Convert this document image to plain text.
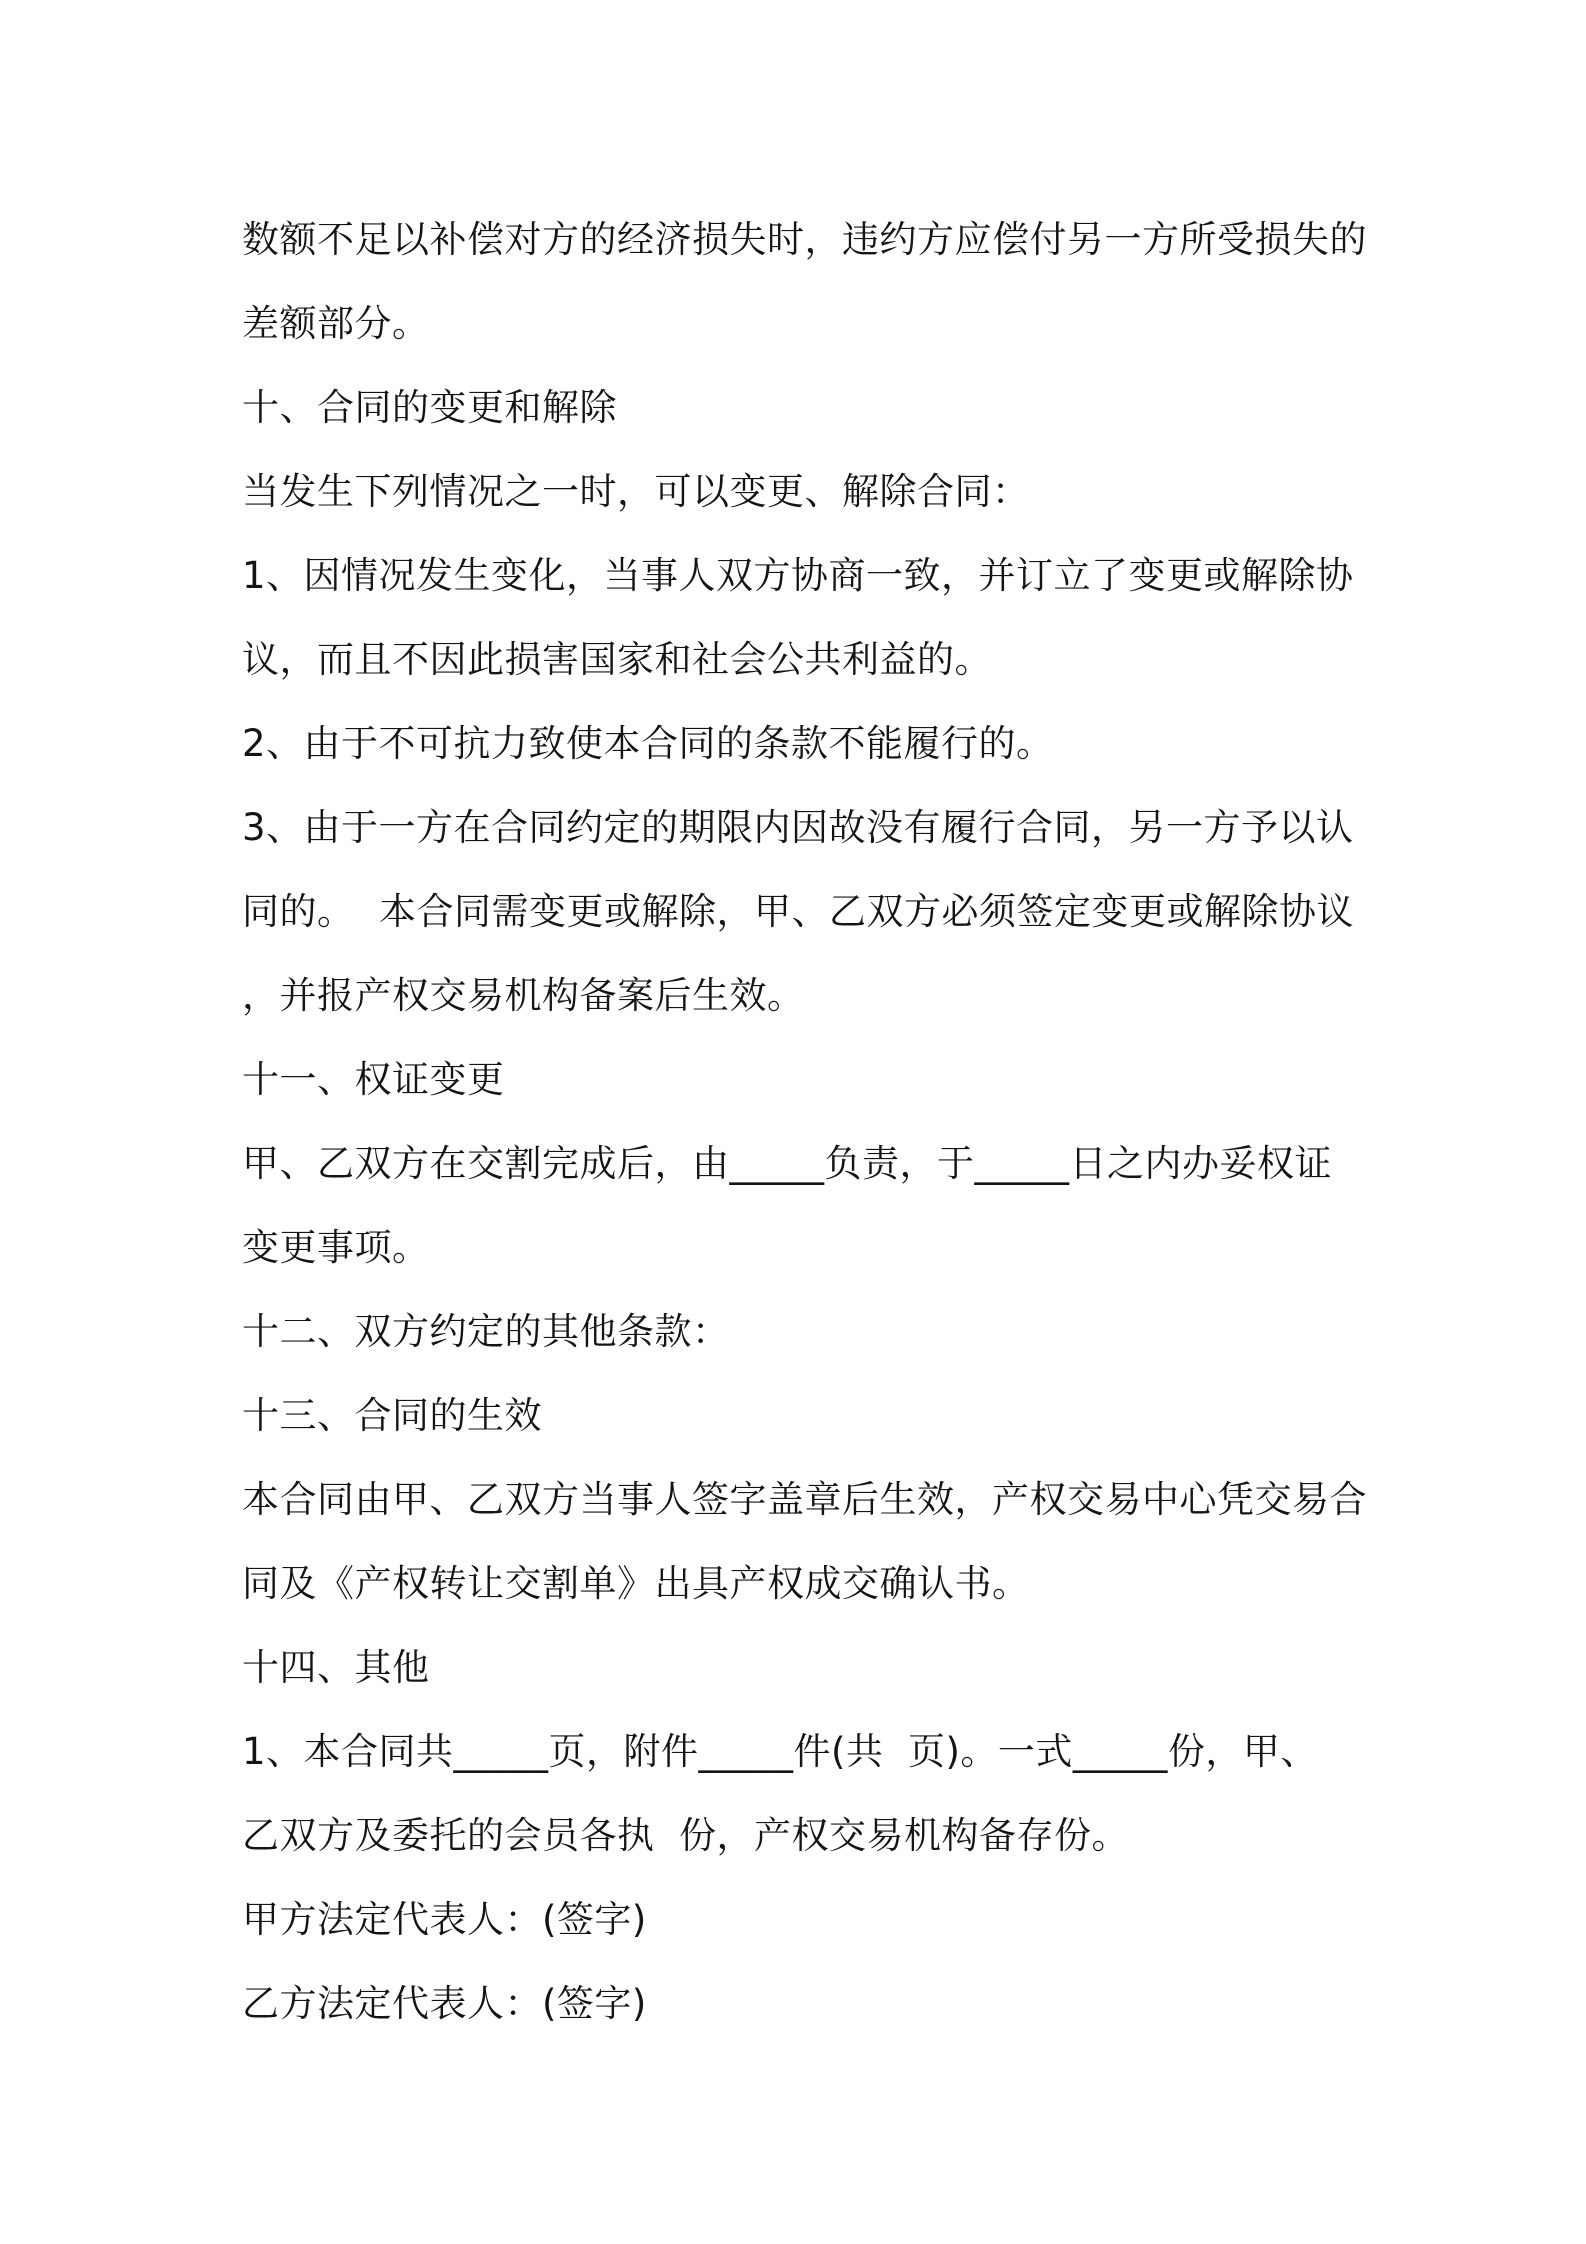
数额不足以补偿对方的经济损失时，违约方应偿付另一方所受损失的
差额部分。
十、合同的变更和解除
当发生下列情况之一时，可以变更、解除合同：
1、因情况发生变化，当事人双方协商一致，并订立了变更或解除协
议，而且不因此损害国家和社会公共利益的。
2、由于不可抗力致使本合同的条款不能履行的。
3、由于一方在合同约定的期限内因故没有履行合同，另一方予以认
同的。  本合同需变更或解除，甲、乙双方必须签定变更或解除协议
，并报产权交易机构备案后生效。
十一、权证变更
甲、乙双方在交割完成后，由_____负责，于_____日之内办妥权证
变更事项。
十二、双方约定的其他条款：
十三、合同的生效
本合同由甲、乙双方当事人签字盖章后生效，产权交易中心凭交易合
同及《产权转让交割单》出具产权成交确认书。
十四、其他
1、本合同共_____页，附件_____件(共  页)。一式_____份，甲、
乙双方及委托的会员各执  份，产权交易机构备存份。
甲方法定代表人：(签字)
乙方法定代表人：(签字)
